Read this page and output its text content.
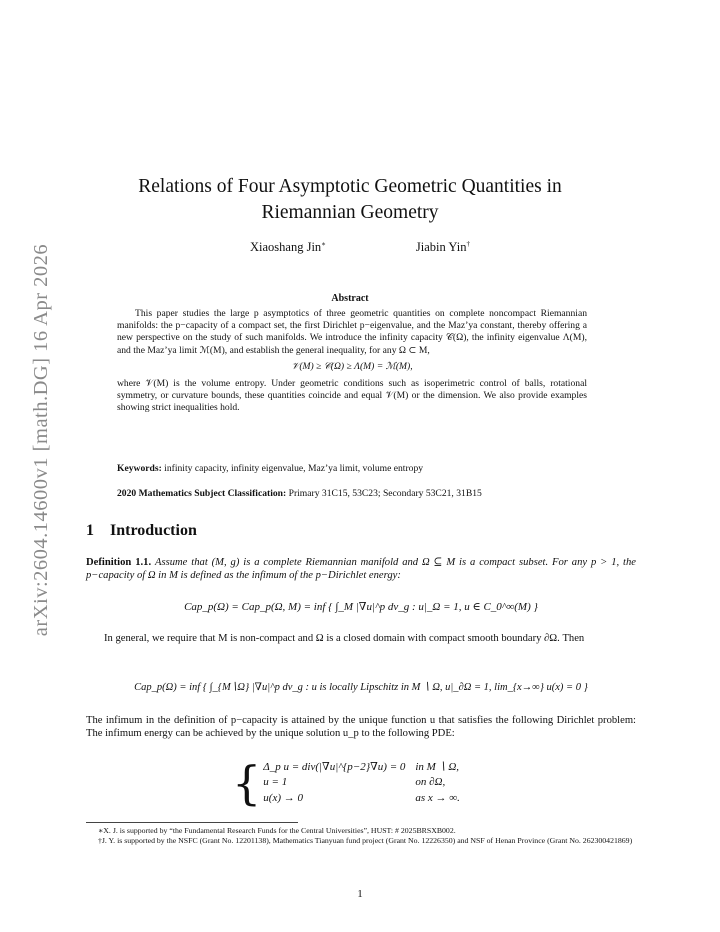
arXiv:2604.14600v1 [math.DG] 16 Apr 2026
Relations of Four Asymptotic Geometric Quantities in
Riemannian Geometry
Xiaoshang Jin∗	Jiabin Yin†
Abstract

This paper studies the large p asymptotics of three geometric quantities on complete noncompact Riemannian manifolds: the p−capacity of a compact set, the first Dirichlet p−eigenvalue, and the Maz’ya constant, thereby offering a new perspective on the study of such manifolds. We introduce the infinity capacity 𝒞(Ω), the infinity eigenvalue Λ(M), and the Maz’ya limit ℳ(M), and establish the general inequality, for any Ω ⊂ M,

𝒱(M) ≥ 𝒞(Ω) ≥ Λ(M) = ℳ(M),

where 𝒱(M) is the volume entropy. Under geometric conditions such as isoperimetric control of balls, rotational symmetry, or curvature bounds, these quantities coincide and equal 𝒱(M) or the dimension. We also provide examples showing strict inequalities hold.

Keywords: infinity capacity, infinity eigenvalue, Maz’ya limit, volume entropy
2020 Mathematics Subject Classification: Primary 31C15, 53C23; Secondary 53C21, 31B15
1 Introduction

Definition 1.1. Assume that (M, g) is a complete Riemannian manifold and Ω ⊆ M is a compact subset. For any p > 1, the p−capacity of Ω in M is defined as the infimum of the p−Dirichlet energy:

Cap_p(Ω) = Cap_p(Ω, M) = inf { ∫_M |∇u|^p dv_g : u|_Ω = 1, u ∈ C_0^∞(M) }

In general, we require that M is non-compact and Ω is a closed domain with compact smooth boundary ∂Ω. Then

Cap_p(Ω) = inf { ∫_{M∖Ω} |∇u|^p dv_g : u is locally Lipschitz in M ∖ Ω, u|_∂Ω = 1, lim_{x→∞} u(x) = 0 }

The infimum in the definition of p−capacity is attained by the unique function u that satisfies the following Dirichlet problem: The infimum energy can be achieved by the unique solution u_p to the following PDE:

{ Δ_p u = div(|∇u|^{p−2}∇u) = 0	in M ∖ Ω,
u = 1	on ∂Ω,
u(x) → 0	as x → ∞.

∗X. J. is supported by “the Fundamental Research Funds for the Central Universities”, HUST: # 2025BRSXB002.

†J. Y. is supported by the NSFC (Grant No. 12201138), Mathematics Tianyuan fund project (Grant No. 12226350) and NSF of Henan Province (Grant No. 262300421869)

1
